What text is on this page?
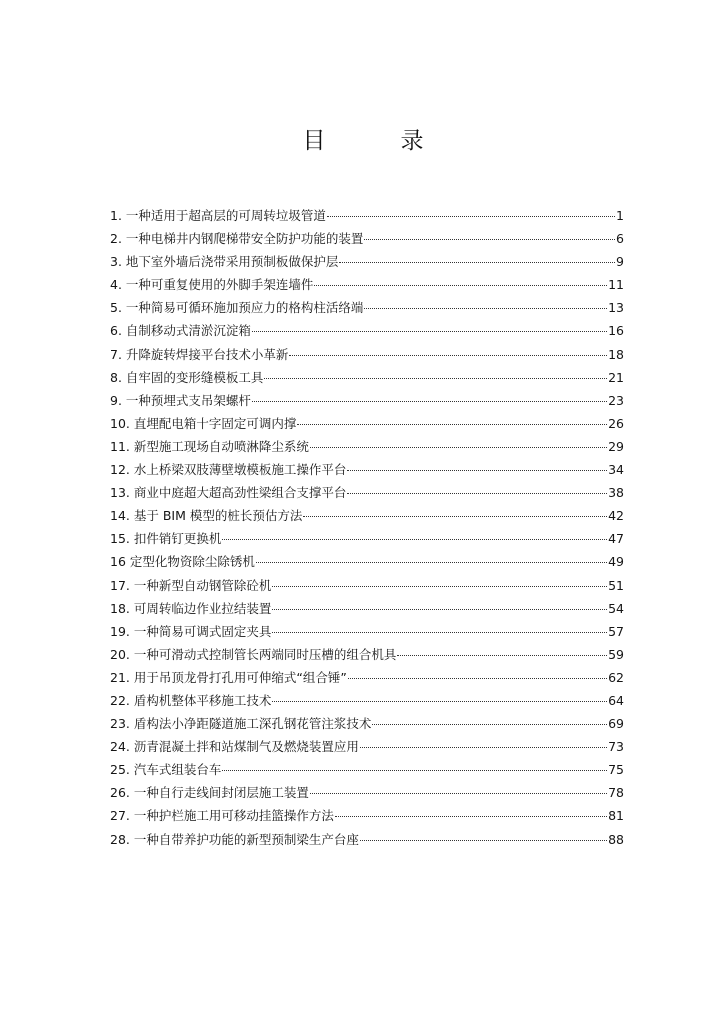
目　录
1. 一种适用于超高层的可周转垃圾管道	1
2. 一种电梯井内钢爬梯带安全防护功能的装置	6
3. 地下室外墙后浇带采用预制板做保护层	9
4. 一种可重复使用的外脚手架连墙件	11
5. 一种简易可循环施加预应力的格构柱活络端	13
6. 自制移动式清淤沉淀箱	16
7. 升降旋转焊接平台技术小革新	18
8. 自牢固的变形缝模板工具	21
9. 一种预埋式支吊架螺杆	23
10. 直埋配电箱十字固定可调内撑	26
11. 新型施工现场自动喷淋降尘系统	29
12. 水上桥梁双肢薄壁墩模板施工操作平台	34
13. 商业中庭超大超高劲性梁组合支撑平台	38
14. 基于 BIM 模型的桩长预估方法	42
15. 扣件销钉更换机	47
16 定型化物资除尘除锈机	49
17. 一种新型自动钢管除砼机	51
18. 可周转临边作业拉结装置	54
19. 一种简易可调式固定夹具	57
20. 一种可滑动式控制管长两端同时压槽的组合机具	59
21. 用于吊顶龙骨打孔用可伸缩式“组合锤”	62
22. 盾构机整体平移施工技术	64
23. 盾构法小净距隧道施工深孔钢花管注浆技术	69
24. 沥青混凝土拌和站煤制气及燃烧装置应用	73
25. 汽车式组装台车	75
26. 一种自行走线间封闭层施工装置	78
27. 一种护栏施工用可移动挂篮操作方法	81
28. 一种自带养护功能的新型预制梁生产台座	88
